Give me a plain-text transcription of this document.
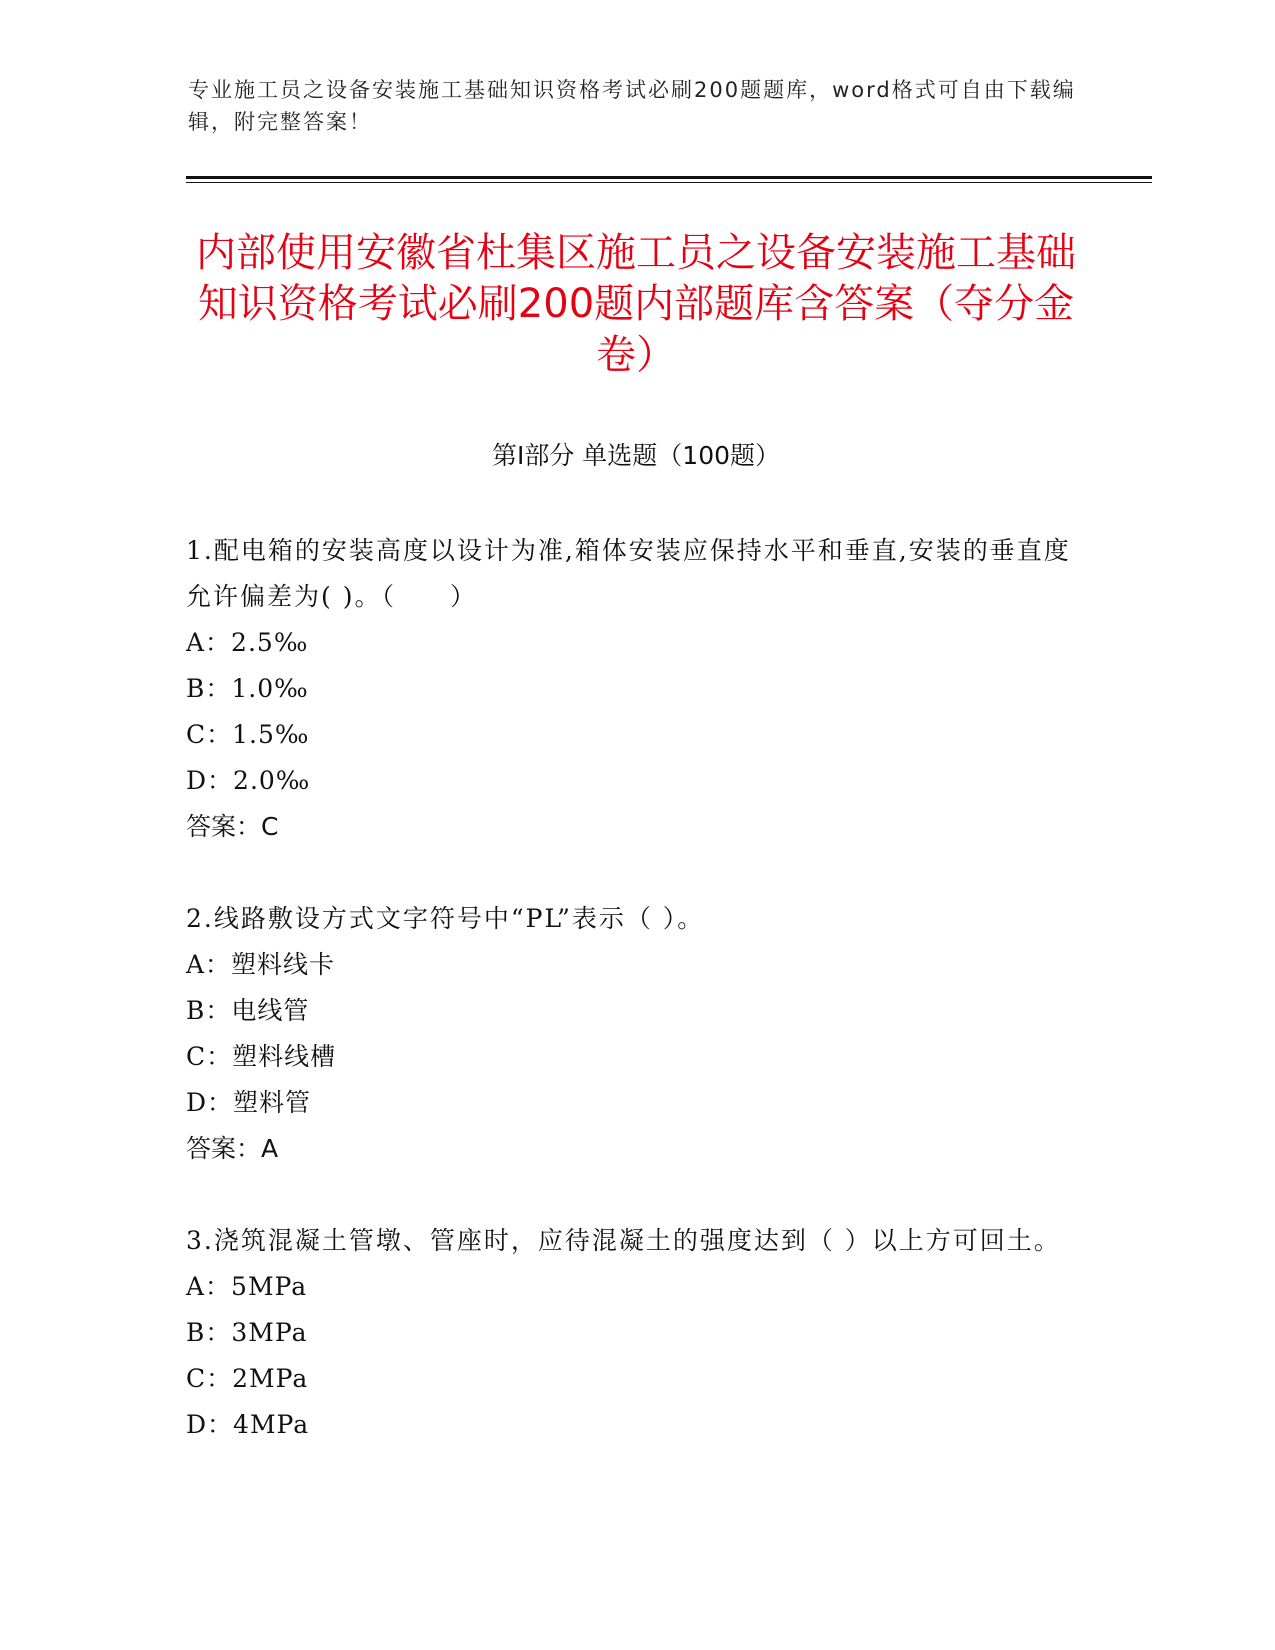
专业施工员之设备安装施工基础知识资格考试必刷200题题库，word格式可自由下载编辑，附完整答案！
内部使用安徽省杜集区施工员之设备安装施工基础知识资格考试必刷200题内部题库含答案（夺分金卷）
第Ⅰ部分 单选题（100题）

1.配电箱的安装高度以设计为准,箱体安装应保持水平和垂直,安装的垂直度允许偏差为( )。（　　）

A：2.5‰

B：1.0‰

C：1.5‰

D：2.0‰

答案：C

2.线路敷设方式文字符号中“PL”表示（ ）。

A：塑料线卡

B：电线管

C：塑料线槽

D：塑料管

答案：A

3.浇筑混凝土管墩、管座时，应待混凝土的强度达到（ ）以上方可回土。

A：5MPa

B：3MPa

C：2MPa

D：4MPa
